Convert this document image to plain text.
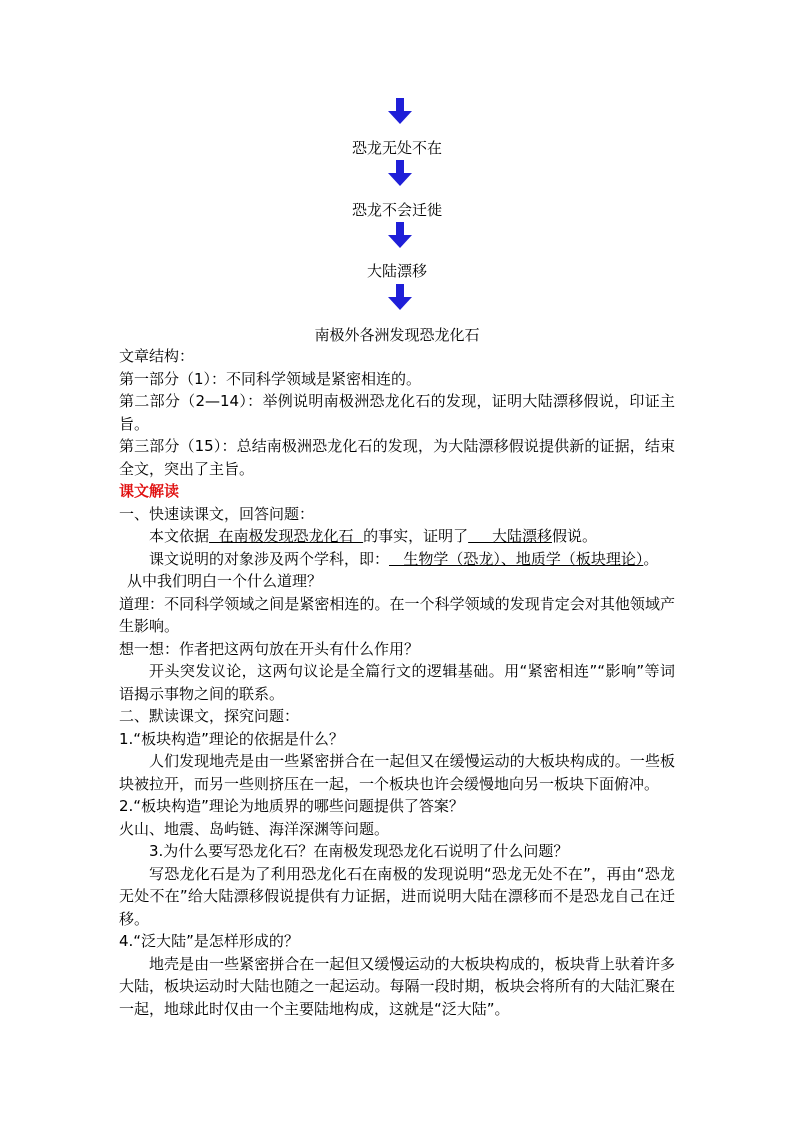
恐龙无处不在
恐龙不会迁徙
大陆漂移
南极外各洲发现恐龙化石

文章结构：

第一部分（1）：不同科学领域是紧密相连的。

第二部分（2—14）：举例说明南极洲恐龙化石的发现，证明大陆漂移假说，印证主旨。

第三部分（15）：总结南极洲恐龙化石的发现，为大陆漂移假说提供新的证据，结束全文，突出了主旨。

课文解读

一、快速读课文，回答问题：

本文依据  在南极发现恐龙化石  的事实，证明了     大陆漂移假说。

课文说明的对象涉及两个学科，即：   生物学（恐龙）、地质学（板块理论）。

从中我们明白一个什么道理？

道理：不同科学领域之间是紧密相连的。在一个科学领域的发现肯定会对其他领域产生影响。

想一想：作者把这两句放在开头有什么作用？

开头突发议论，这两句议论是全篇行文的逻辑基础。用“紧密相连”“影响”等词语揭示事物之间的联系。

二、默读课文，探究问题：

1.“板块构造”理论的依据是什么？

人们发现地壳是由一些紧密拼合在一起但又在缓慢运动的大板块构成的。一些板块被拉开，而另一些则挤压在一起，一个板块也许会缓慢地向另一板块下面俯冲。

2.“板块构造”理论为地质界的哪些问题提供了答案？

火山、地震、岛屿链、海洋深渊等问题。

3.为什么要写恐龙化石？在南极发现恐龙化石说明了什么问题？

写恐龙化石是为了利用恐龙化石在南极的发现说明“恐龙无处不在”，再由“恐龙无处不在”给大陆漂移假说提供有力证据，进而说明大陆在漂移而不是恐龙自己在迁移。

4.“泛大陆”是怎样形成的？

地壳是由一些紧密拼合在一起但又缓慢运动的大板块构成的，板块背上驮着许多大陆，板块运动时大陆也随之一起运动。每隔一段时期，板块会将所有的大陆汇聚在一起，地球此时仅由一个主要陆地构成，这就是“泛大陆”。
